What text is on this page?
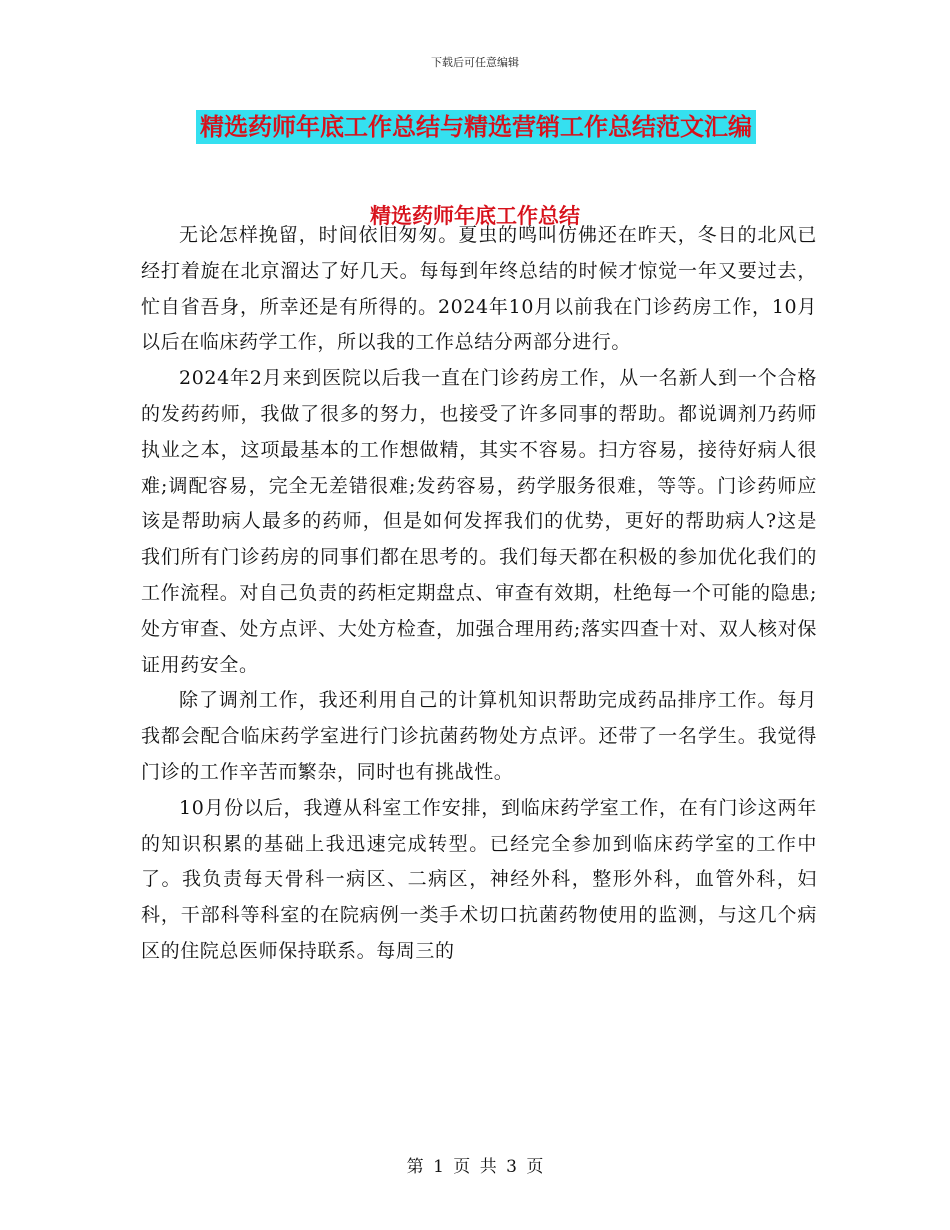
下载后可任意编辑
精选药师年底工作总结与精选营销工作总结范文汇编
精选药师年底工作总结

无论怎样挽留，时间依旧匆匆。夏虫的鸣叫仿佛还在昨天，冬日的北风已经打着旋在北京溜达了好几天。每每到年终总结的时候才惊觉一年又要过去，忙自省吾身，所幸还是有所得的。2024年10月以前我在门诊药房工作，10月以后在临床药学工作，所以我的工作总结分两部分进行。

2024年2月来到医院以后我一直在门诊药房工作，从一名新人到一个合格的发药药师，我做了很多的努力，也接受了许多同事的帮助。都说调剂乃药师执业之本，这项最基本的工作想做精，其实不容易。扫方容易，接待好病人很难;调配容易，完全无差错很难;发药容易，药学服务很难，等等。门诊药师应该是帮助病人最多的药师，但是如何发挥我们的优势，更好的帮助病人?这是我们所有门诊药房的同事们都在思考的。我们每天都在积极的参加优化我们的工作流程。对自己负责的药柜定期盘点、审查有效期，杜绝每一个可能的隐患;处方审查、处方点评、大处方检查，加强合理用药;落实四查十对、双人核对保证用药安全。

除了调剂工作，我还利用自己的计算机知识帮助完成药品排序工作。每月我都会配合临床药学室进行门诊抗菌药物处方点评。还带了一名学生。我觉得门诊的工作辛苦而繁杂，同时也有挑战性。

10月份以后，我遵从科室工作安排，到临床药学室工作，在有门诊这两年的知识积累的基础上我迅速完成转型。已经完全参加到临床药学室的工作中了。我负责每天骨科一病区、二病区，神经外科，整形外科，血管外科，妇科，干部科等科室的在院病例一类手术切口抗菌药物使用的监测，与这几个病区的住院总医师保持联系。每周三的

第 1 页 共 3 页
